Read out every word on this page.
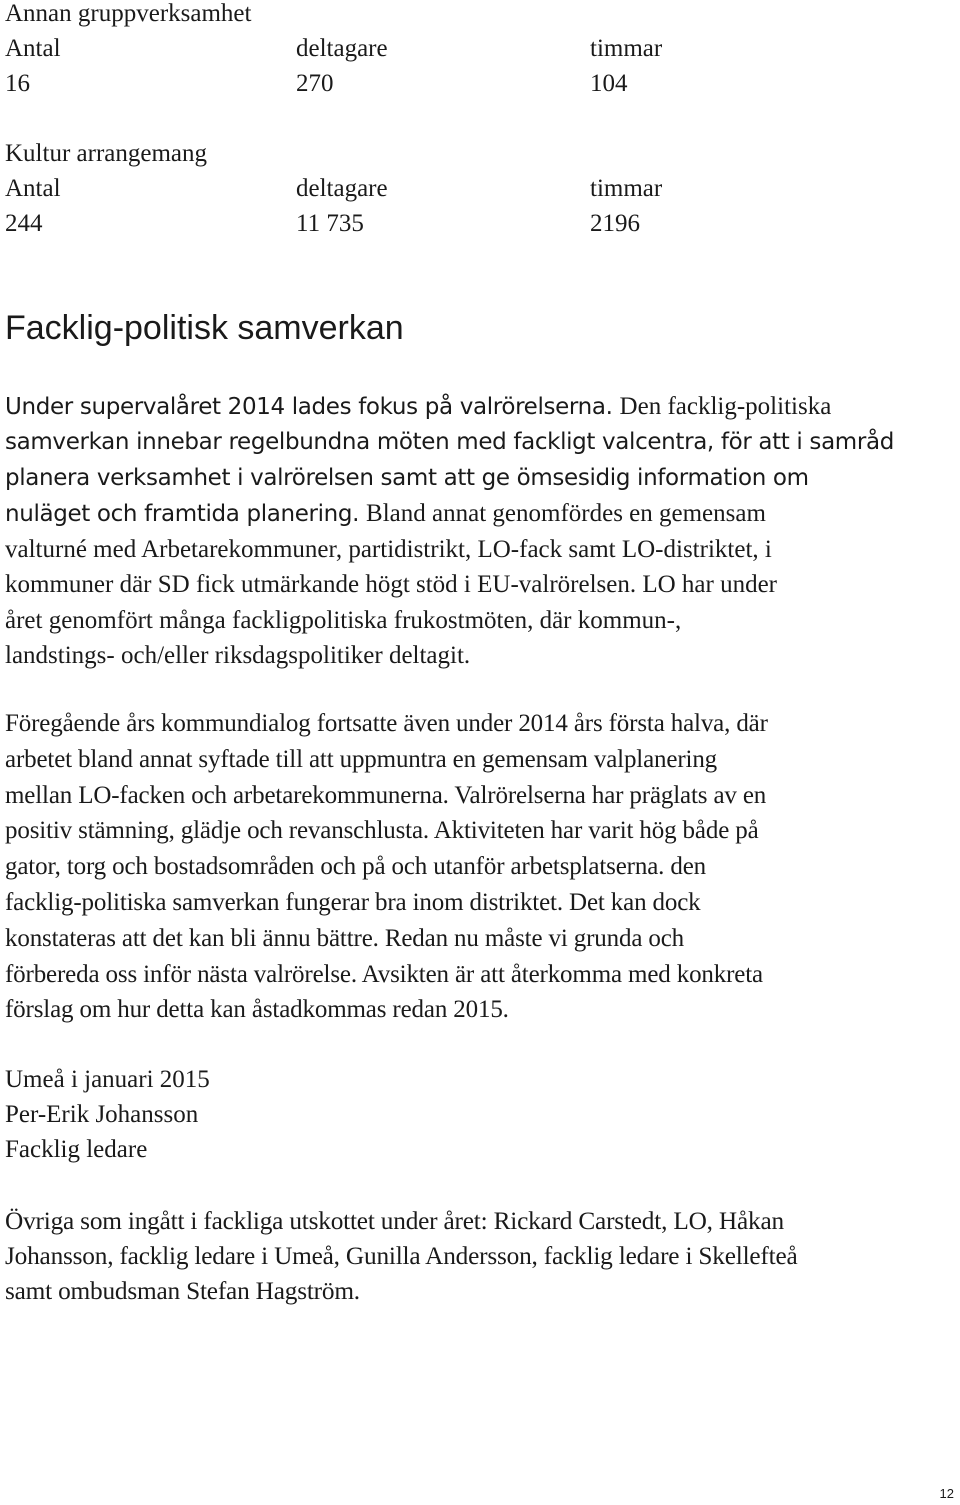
Annan gruppverksamhet
Antal	deltagare	timmar
16	270	104
Kultur arrangemang
Antal	deltagare	timmar
244	11 735	2196
Facklig-politisk samverkan
Under supervalåret 2014 lades fokus på valrörelserna. Den facklig-politiska
samverkan innebar regelbundna möten med fackligt valcentra, för att i samråd
planera verksamhet i valrörelsen samt att ge ömsesidig information om
nuläget och framtida planering. Bland annat genomfördes en gemensam
valturné med Arbetarekommuner, partidistrikt, LO-fack samt LO-distriktet, i
kommuner där SD fick utmärkande högt stöd i EU-valrörelsen. LO har under
året genomfört många fackligpolitiska frukostmöten, där kommun-,
landstings- och/eller riksdagspolitiker deltagit.
Föregående års kommundialog fortsatte även under 2014 års första halva, där
arbetet bland annat syftade till att uppmuntra en gemensam valplanering
mellan LO-facken och arbetarekommunerna. Valrörelserna har präglats av en
positiv stämning, glädje och revanschlusta. Aktiviteten har varit hög både på
gator, torg och bostadsområden och på och utanför arbetsplatserna. den
facklig-politiska samverkan fungerar bra inom distriktet. Det kan dock
konstateras att det kan bli ännu bättre. Redan nu måste vi grunda och
förbereda oss inför nästa valrörelse. Avsikten är att återkomma med konkreta
förslag om hur detta kan åstadkommas redan 2015.
Umeå i januari 2015
Per-Erik Johansson
Facklig ledare
Övriga som ingått i fackliga utskottet under året: Rickard Carstedt, LO, Håkan
Johansson, facklig ledare i Umeå, Gunilla Andersson, facklig ledare i Skellefteå
samt ombudsman Stefan Hagström.
12
